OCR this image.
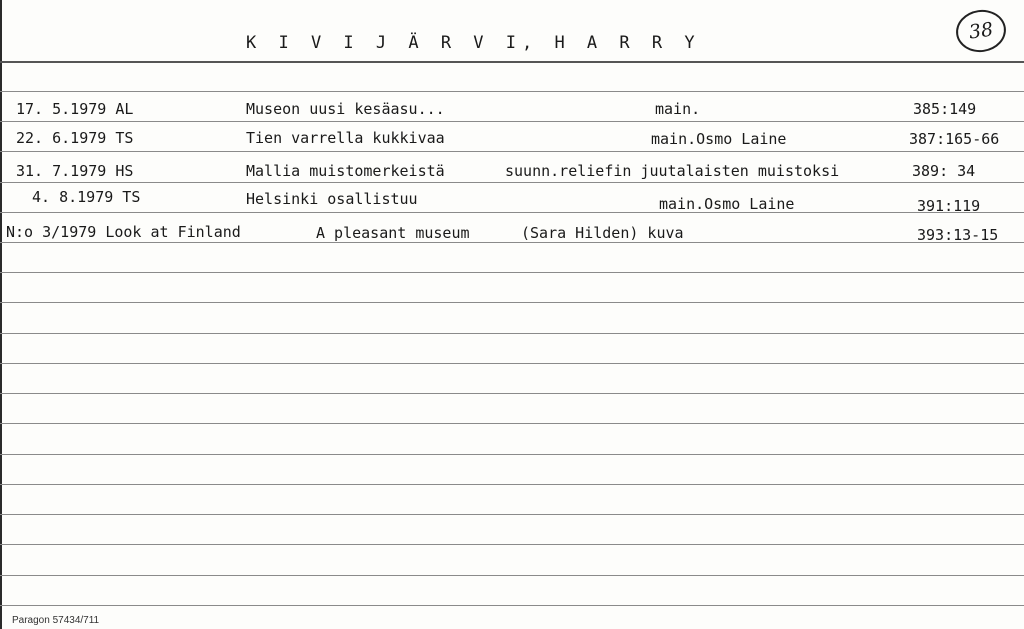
K I V I J Ä R V I, H A R R Y	38
17. 5.1979 AL	Museon uusi kesäasu...	main.	385:149
22. 6.1979 TS	Tien varrella kukkivaa	main.Osmo Laine	387:165-66
31. 7.1979 HS	Mallia muistomerkeistä	suunn.reliefin juutalaisten muistoksi	389: 34
4. 8.1979 TS	Helsinki osallistuu	main.Osmo Laine	391:119
N:o 3/1979 Look at Finland	A pleasant museum	(Sara Hilden) kuva	393:13-15
Paragon 57434/711
